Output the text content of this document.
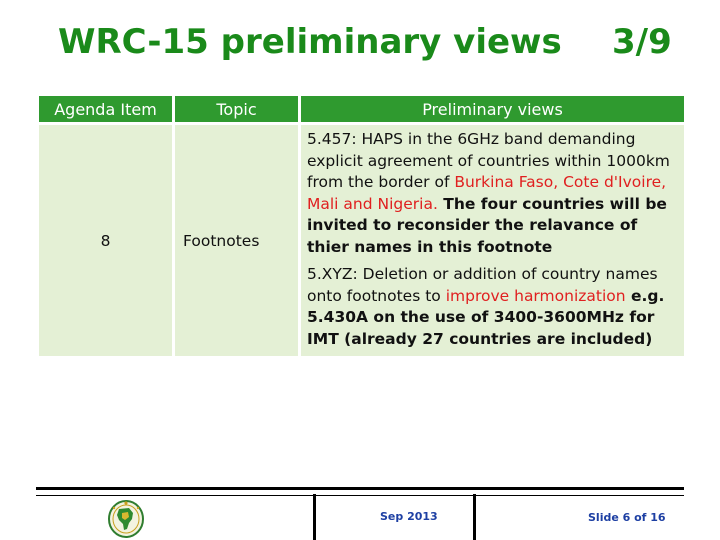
WRC-15 preliminary views 3/9
Agenda Item	Topic	Preliminary views
8	Footnotes	5.457: HAPS in the 6GHz band demanding explicit agreement of countries within 1000km from the border of Burkina Faso, Cote d'Ivoire, Mali and Nigeria. The four countries will be invited to reconsider the relavance of thier names in this footnote

5.XYZ: Deletion or addition of country names onto footnotes to improve harmonization e.g. 5.430A on the use of 3400-3600MHz for IMT (already 27 countries are included)

Sep 2013	Slide 6 of 16
